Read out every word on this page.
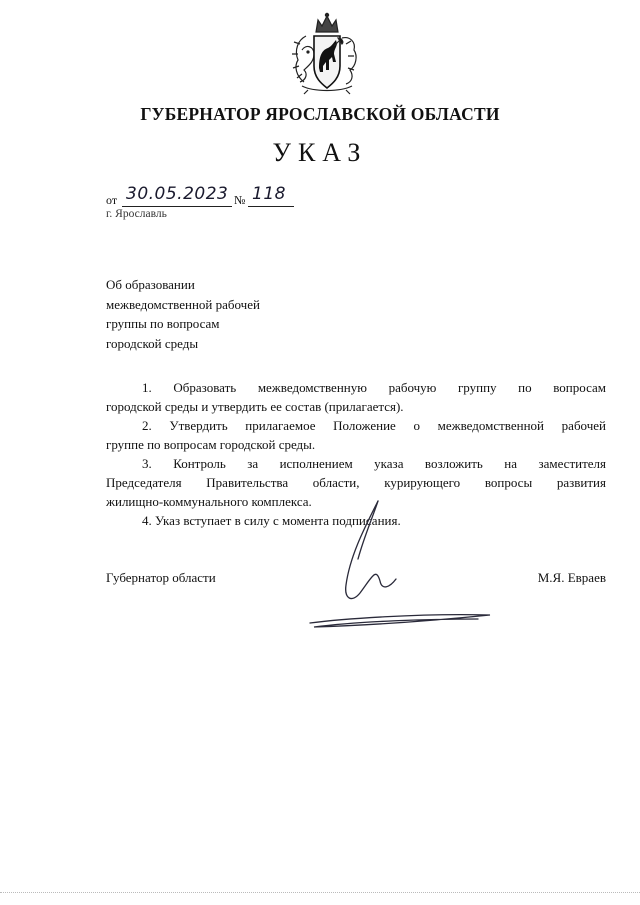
ГУБЕРНАТОР ЯРОСЛАВСКОЙ ОБЛАСТИ
УКАЗ
от 30.05.2023 № 118
г. Ярославль
Об образовании
межведомственной рабочей
группы по вопросам
городской среды
1. Образовать межведомственную рабочую группу по вопросам
городской среды и утвердить ее состав (прилагается).
2. Утвердить прилагаемое Положение о межведомственной рабочей
группе по вопросам городской среды.
3. Контроль за исполнением указа возложить на заместителя
Председателя Правительства области, курирующего вопросы развития
жилищно-коммунального комплекса.
4. Указ вступает в силу с момента подписания.
Губернатор области	М.Я. Евраев
